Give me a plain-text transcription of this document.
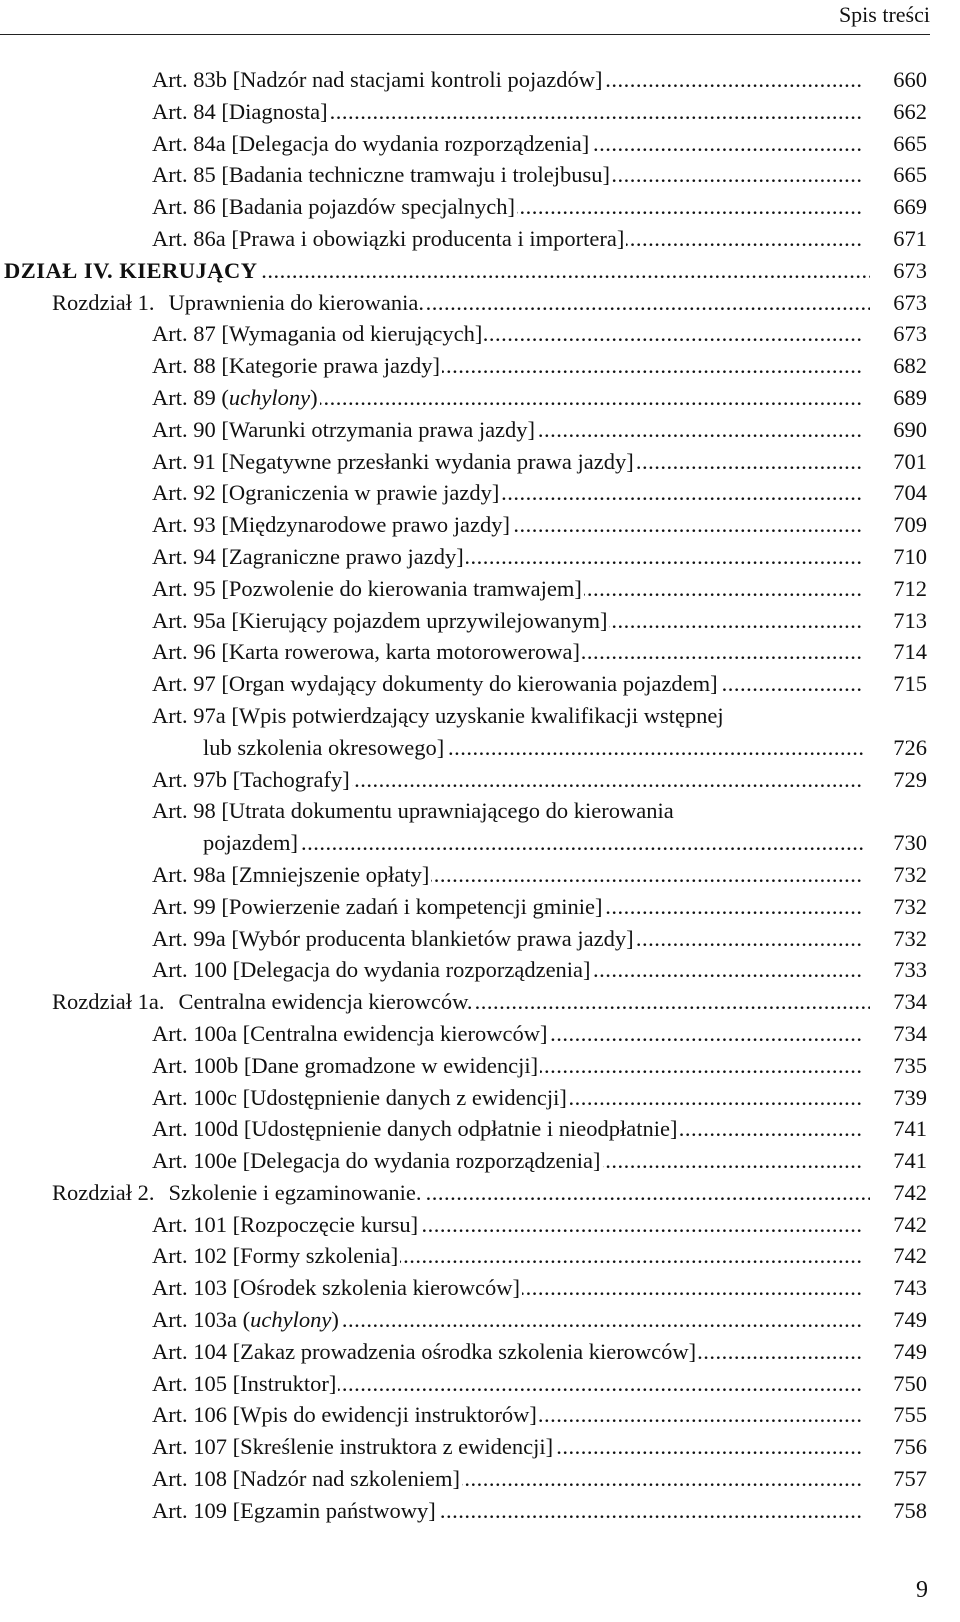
Spis treści
.....
Art. 83b [Nadzór nad stacjami kontroli pojazdów]	660
.....
Art. 84 [Diagnosta]	662
.....
Art. 84a [Delegacja do wydania rozporządzenia]	665
.....
Art. 85 [Badania techniczne tramwaju i trolejbusu]	665
.....
Art. 86 [Badania pojazdów specjalnych]	669
.....
Art. 86a [Prawa i obowiązki producenta i importera]	671
.....
DZIAŁ IV. KIERUJĄCY	673
.....
Rozdział 1. Uprawnienia do kierowania.	673
.....
Art. 87 [Wymagania od kierujących]	673
.....
Art. 88 [Kategorie prawa jazdy]	682
.....
Art. 89 (uchylony)	689
.....
Art. 90 [Warunki otrzymania prawa jazdy]	690
.....
Art. 91 [Negatywne przesłanki wydania prawa jazdy]	701
.....
Art. 92 [Ograniczenia w prawie jazdy]	704
.....
Art. 93 [Międzynarodowe prawo jazdy]	709
.....
Art. 94 [Zagraniczne prawo jazdy]	710
.....
Art. 95 [Pozwolenie do kierowania tramwajem]	712
.....
Art. 95a [Kierujący pojazdem uprzywilejowanym]	713
.....
Art. 96 [Karta rowerowa, karta motorowerowa]	714
.....
Art. 97 [Organ wydający dokumenty do kierowania pojazdem]	715
Art. 97a [Wpis potwierdzający uzyskanie kwalifikacji wstępnej
.....
lub szkolenia okresowego]	726
.....
Art. 97b [Tachografy]	729
Art. 98 [Utrata dokumentu uprawniającego do kierowania
.....
pojazdem]	730
.....
Art. 98a [Zmniejszenie opłaty]	732
.....
Art. 99 [Powierzenie zadań i kompetencji gminie]	732
.....
Art. 99a [Wybór producenta blankietów prawa jazdy]	732
.....
Art. 100 [Delegacja do wydania rozporządzenia]	733
.....
Rozdział 1a. Centralna ewidencja kierowców.	734
.....
Art. 100a [Centralna ewidencja kierowców]	734
.....
Art. 100b [Dane gromadzone w ewidencji]	735
.....
Art. 100c [Udostępnienie danych z ewidencji]	739
.....
Art. 100d [Udostępnienie danych odpłatnie i nieodpłatnie]	741
.....
Art. 100e [Delegacja do wydania rozporządzenia]	741
.....
Rozdział 2. Szkolenie i egzaminowanie.	742
.....
Art. 101 [Rozpoczęcie kursu]	742
.....
Art. 102 [Formy szkolenia]	742
.....
Art. 103 [Ośrodek szkolenia kierowców]	743
.....
Art. 103a (uchylony)	749
.....
Art. 104 [Zakaz prowadzenia ośrodka szkolenia kierowców]	749
.....
Art. 105 [Instruktor]	750
.....
Art. 106 [Wpis do ewidencji instruktorów]	755
.....
Art. 107 [Skreślenie instruktora z ewidencji]	756
.....
Art. 108 [Nadzór nad szkoleniem]	757
.....
Art. 109 [Egzamin państwowy]	758
9
